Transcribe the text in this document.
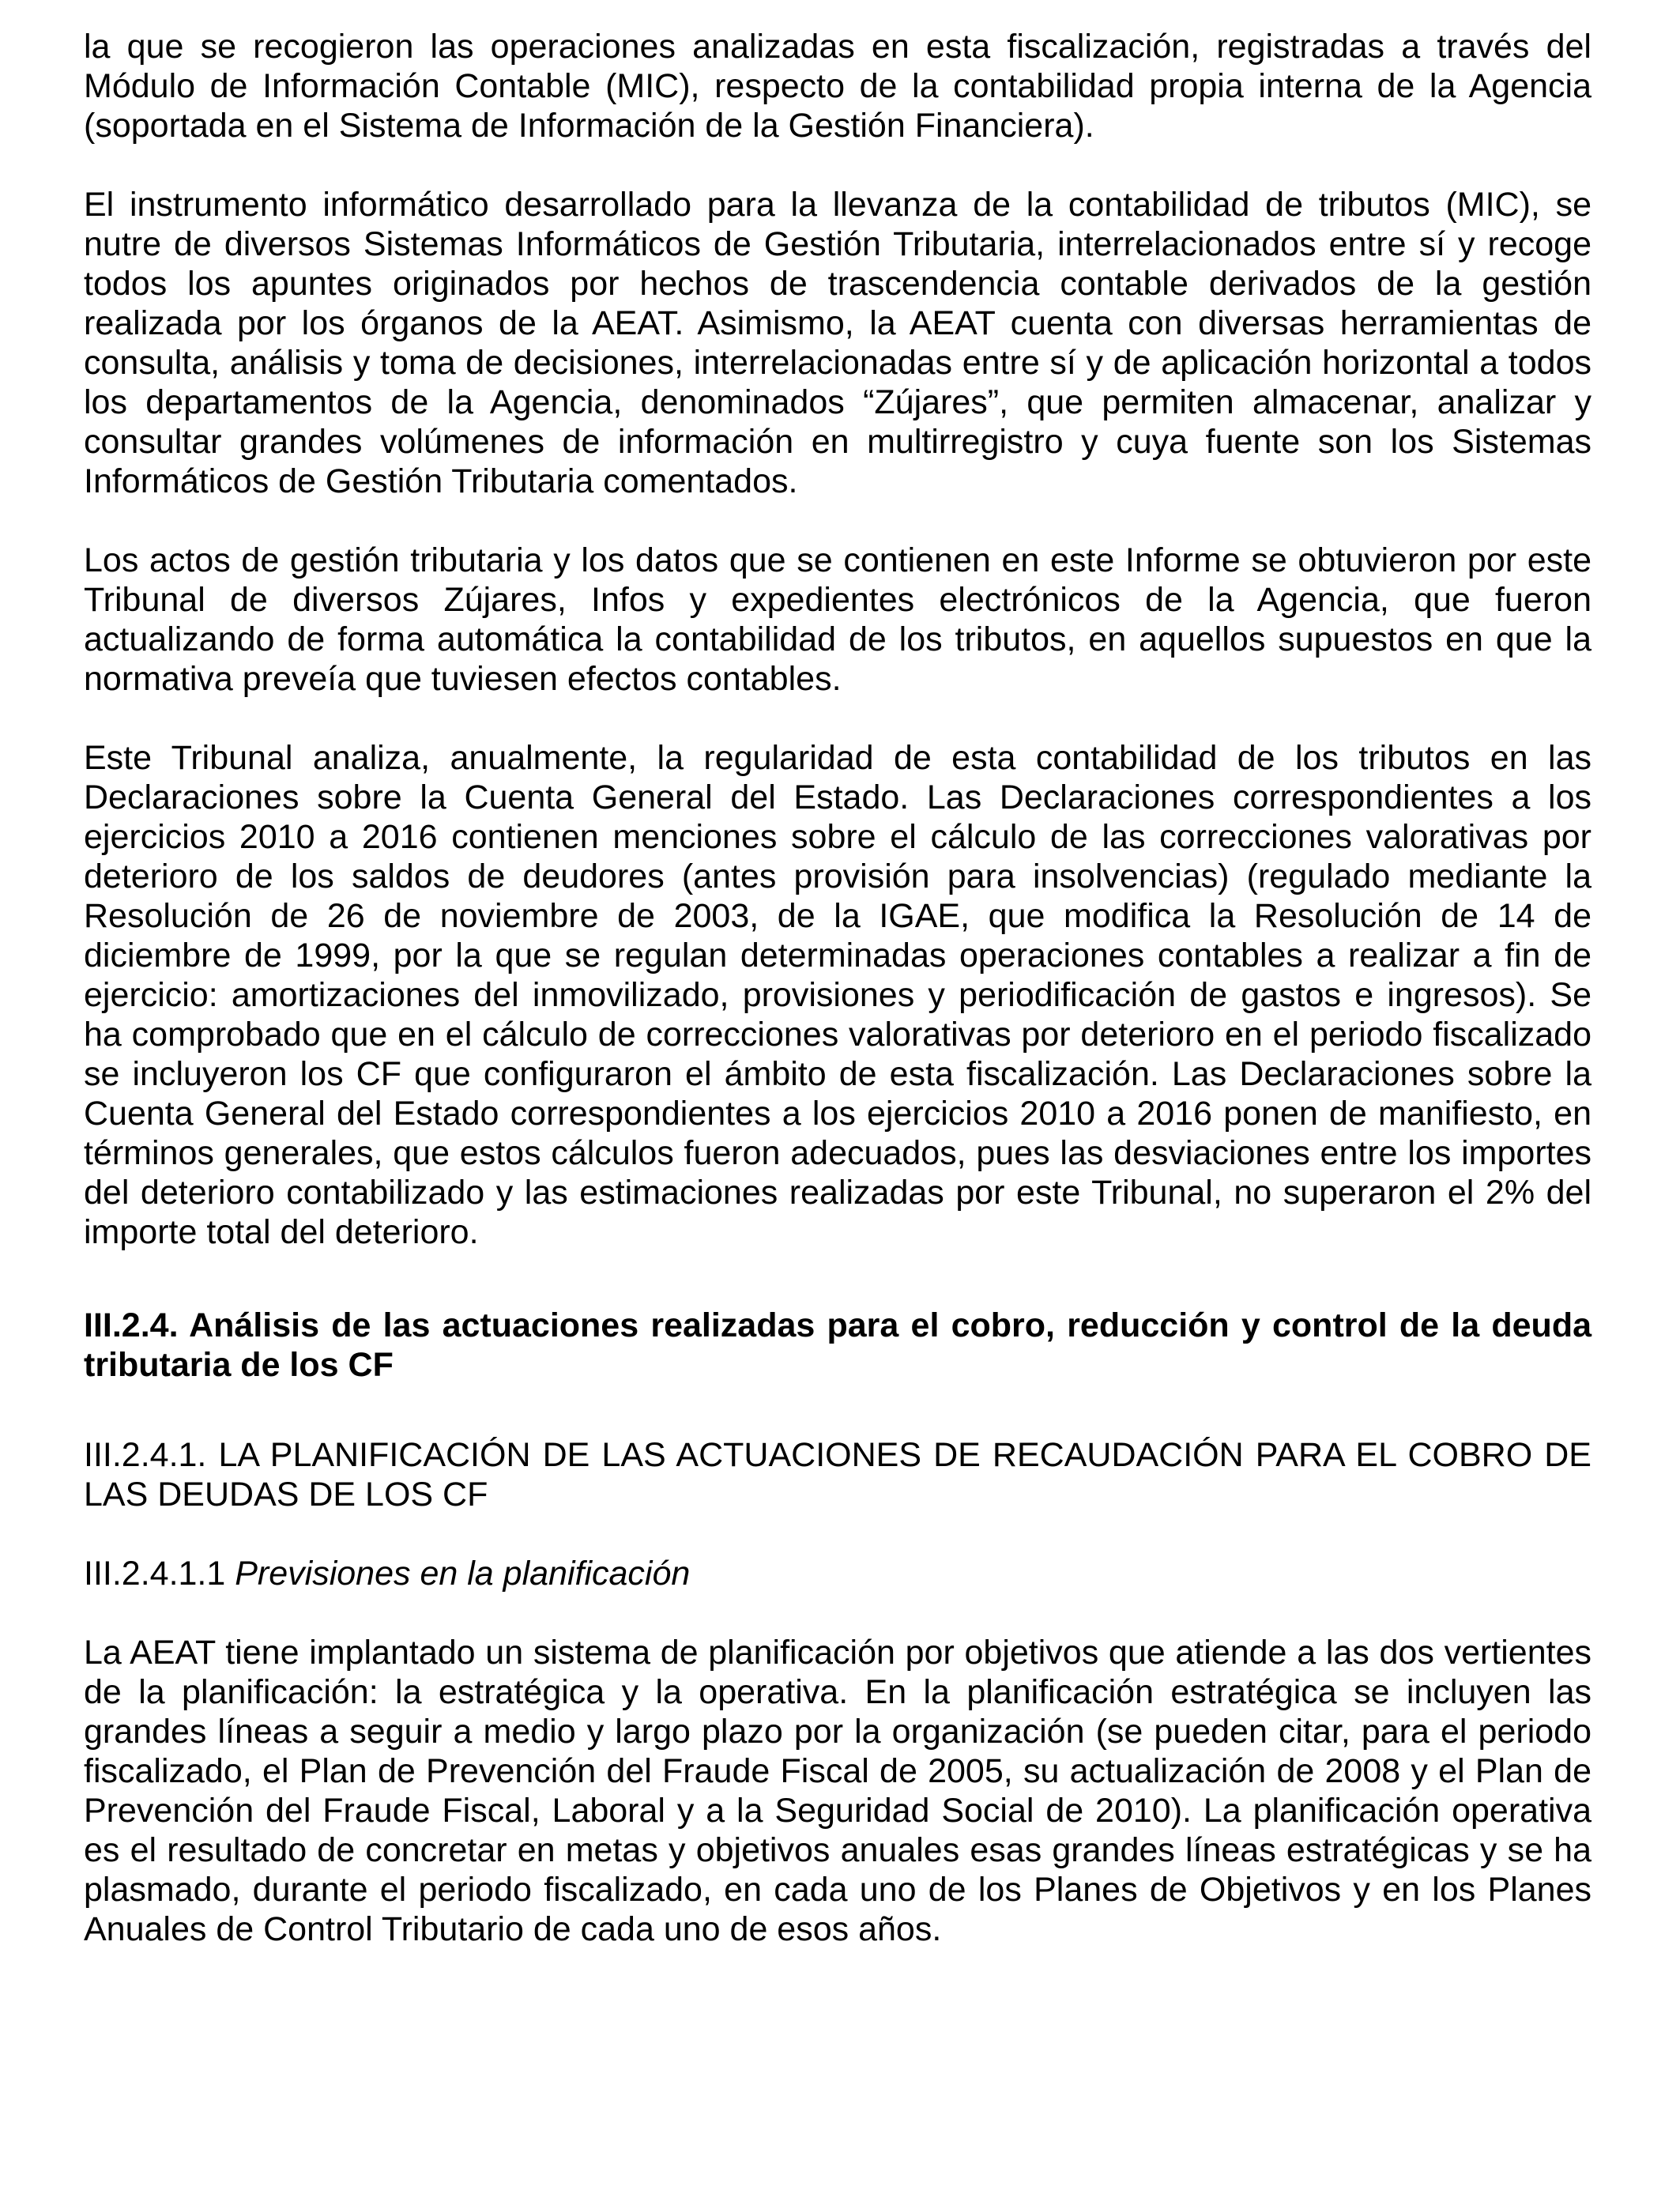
la que se recogieron las operaciones analizadas en esta fiscalización, registradas a través del Módulo de Información Contable (MIC), respecto de la contabilidad propia interna de la Agencia (soportada en el Sistema de Información de la Gestión Financiera).

El instrumento informático desarrollado para la llevanza de la contabilidad de tributos (MIC), se nutre de diversos Sistemas Informáticos de Gestión Tributaria, interrelacionados entre sí y recoge todos los apuntes originados por hechos de trascendencia contable derivados de la gestión realizada por los órganos de la AEAT. Asimismo, la AEAT cuenta con diversas herramientas de consulta, análisis y toma de decisiones, interrelacionadas entre sí y de aplicación horizontal a todos los departamentos de la Agencia, denominados “Zújares”, que permiten almacenar, analizar y consultar grandes volúmenes de información en multirregistro y cuya fuente son los Sistemas Informáticos de Gestión Tributaria comentados.

Los actos de gestión tributaria y los datos que se contienen en este Informe se obtuvieron por este Tribunal de diversos Zújares, Infos y expedientes electrónicos de la Agencia, que fueron actualizando de forma automática la contabilidad de los tributos, en aquellos supuestos en que la normativa preveía que tuviesen efectos contables.

Este Tribunal analiza, anualmente, la regularidad de esta contabilidad de los tributos en las Declaraciones sobre la Cuenta General del Estado. Las Declaraciones correspondientes a los ejercicios 2010 a 2016 contienen menciones sobre el cálculo de las correcciones valorativas por deterioro de los saldos de deudores (antes provisión para insolvencias) (regulado mediante la Resolución de 26 de noviembre de 2003, de la IGAE, que modifica la Resolución de 14 de diciembre de 1999, por la que se regulan determinadas operaciones contables a realizar a fin de ejercicio: amortizaciones del inmovilizado, provisiones y periodificación de gastos e ingresos). Se ha comprobado que en el cálculo de correcciones valorativas por deterioro en el periodo fiscalizado se incluyeron los CF que configuraron el ámbito de esta fiscalización. Las Declaraciones sobre la Cuenta General del Estado correspondientes a los ejercicios 2010 a 2016 ponen de manifiesto, en términos generales, que estos cálculos fueron adecuados, pues las desviaciones entre los importes del deterioro contabilizado y las estimaciones realizadas por este Tribunal, no superaron el 2% del importe total del deterioro.

III.2.4. Análisis de las actuaciones realizadas para el cobro, reducción y control de la deuda tributaria de los CF

III.2.4.1. LA PLANIFICACIÓN DE LAS ACTUACIONES DE RECAUDACIÓN PARA EL COBRO DE LAS DEUDAS DE LOS CF

III.2.4.1.1 Previsiones en la planificación

La AEAT tiene implantado un sistema de planificación por objetivos que atiende a las dos vertientes de la planificación: la estratégica y la operativa. En la planificación estratégica se incluyen las grandes líneas a seguir a medio y largo plazo por la organización (se pueden citar, para el periodo fiscalizado, el Plan de Prevención del Fraude Fiscal de 2005, su actualización de 2008 y el Plan de Prevención del Fraude Fiscal, Laboral y a la Seguridad Social de 2010). La planificación operativa es el resultado de concretar en metas y objetivos anuales esas grandes líneas estratégicas y se ha plasmado, durante el periodo fiscalizado, en cada uno de los Planes de Objetivos y en los Planes Anuales de Control Tributario de cada uno de esos años.
